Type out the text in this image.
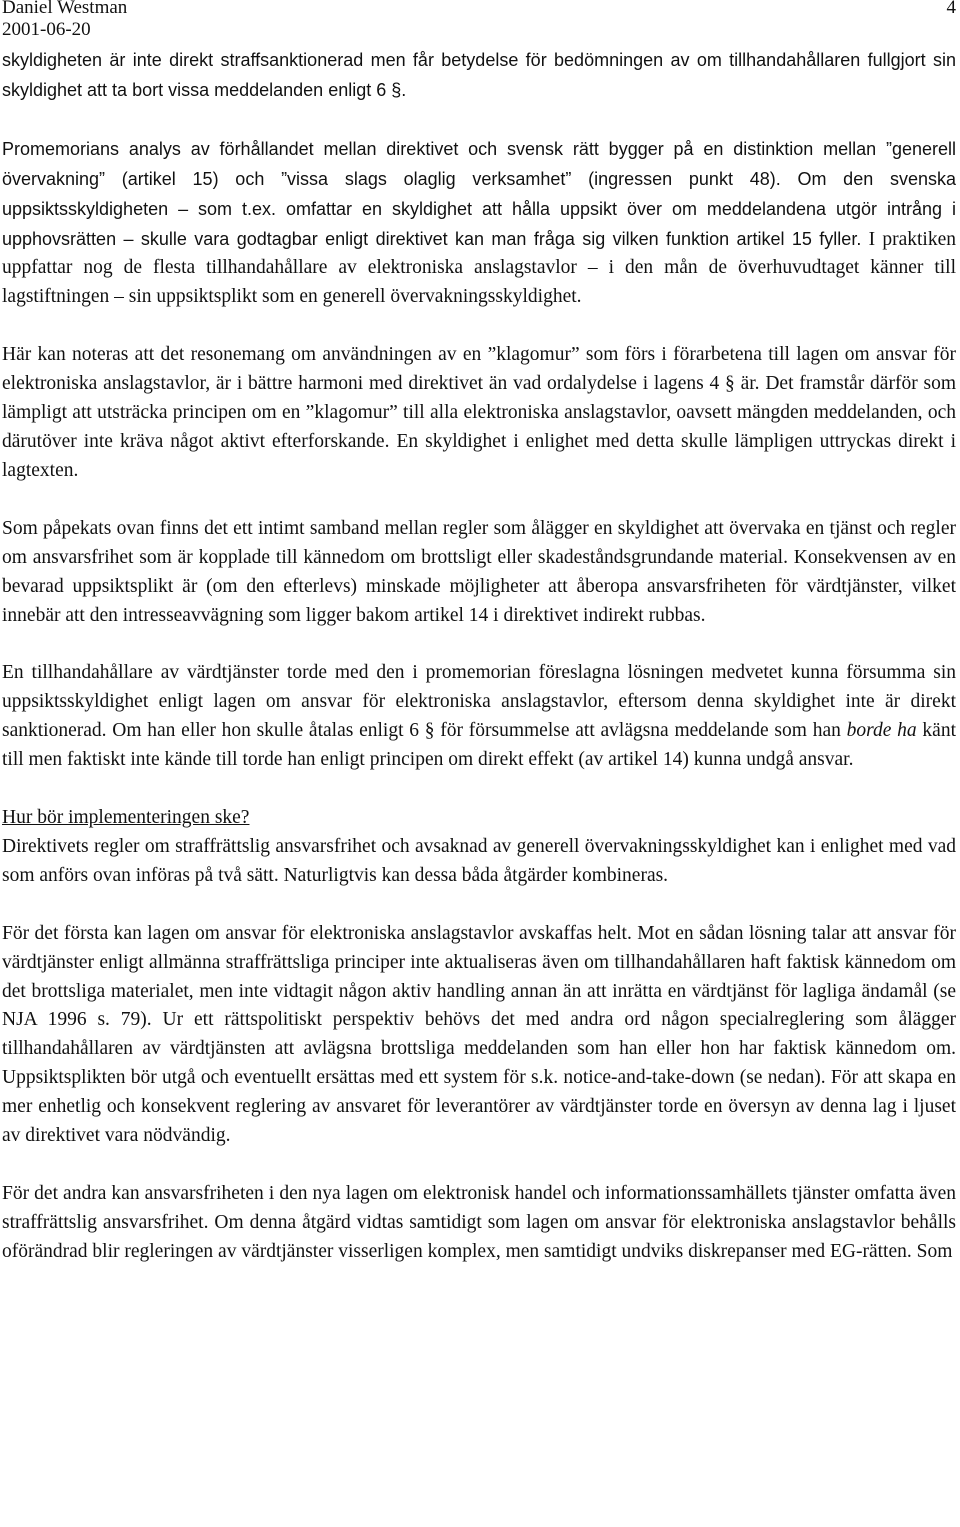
Daniel Westman
2001-06-20
4

skyldigheten är inte direkt straffsanktionerad men får betydelse för bedömningen av om tillhandahållaren fullgjort sin skyldighet att ta bort vissa meddelanden enligt 6 §.

Promemorians analys av förhållandet mellan direktivet och svensk rätt bygger på en distinktion mellan ”generell övervakning” (artikel 15) och ”vissa slags olaglig verksamhet” (ingressen punkt 48). Om den svenska uppsiktsskyldigheten – som t.ex. omfattar en skyldighet att hålla uppsikt över om meddelandena utgör intrång i upphovsrätten – skulle vara godtagbar enligt direktivet kan man fråga sig vilken funktion artikel 15 fyller. I praktiken uppfattar nog de flesta tillhandahållare av elektroniska anslagstavlor – i den mån de överhuvudtaget känner till lagstiftningen – sin uppsiktsplikt som en generell övervakningsskyldighet.

Här kan noteras att det resonemang om användningen av en ”klagomur” som förs i förarbetena till lagen om ansvar för elektroniska anslagstavlor, är i bättre harmoni med direktivet än vad ordalydelse i lagens 4 § är. Det framstår därför som lämpligt att utsträcka principen om en ”klagomur” till alla elektroniska anslagstavlor, oavsett mängden meddelanden, och därutöver inte kräva något aktivt efterforskande. En skyldighet i enlighet med detta skulle lämpligen uttryckas direkt i lagtexten.

Som påpekats ovan finns det ett intimt samband mellan regler som ålägger en skyldighet att övervaka en tjänst och regler om ansvarsfrihet som är kopplade till kännedom om brottsligt eller skadeståndsgrundande material. Konsekvensen av en bevarad uppsiktsplikt är (om den efterlevs) minskade möjligheter att åberopa ansvarsfriheten för värdtjänster, vilket innebär att den intresseavvägning som ligger bakom artikel 14 i direktivet indirekt rubbas.

En tillhandahållare av värdtjänster torde med den i promemorian föreslagna lösningen medvetet kunna försumma sin uppsiktsskyldighet enligt lagen om ansvar för elektroniska anslagstavlor, eftersom denna skyldighet inte är direkt sanktionerad. Om han eller hon skulle åtalas enligt 6 § för försummelse att avlägsna meddelande som han borde ha känt till men faktiskt inte kände till torde han enligt principen om direkt effekt (av artikel 14) kunna undgå ansvar.

Hur bör implementeringen ske?

Direktivets regler om straffrättslig ansvarsfrihet och avsaknad av generell övervakningsskyldighet kan i enlighet med vad som anförs ovan införas på två sätt. Naturligtvis kan dessa båda åtgärder kombineras.

För det första kan lagen om ansvar för elektroniska anslagstavlor avskaffas helt. Mot en sådan lösning talar att ansvar för värdtjänster enligt allmänna straffrättsliga principer inte aktualiseras även om tillhandahållaren haft faktisk kännedom om det brottsliga materialet, men inte vidtagit någon aktiv handling annan än att inrätta en värdtjänst för lagliga ändamål (se NJA 1996 s. 79). Ur ett rättspolitiskt perspektiv behövs det med andra ord någon specialreglering som ålägger tillhandahållaren av värdtjänsten att avlägsna brottsliga meddelanden som han eller hon har faktisk kännedom om. Uppsiktsplikten bör utgå och eventuellt ersättas med ett system för s.k. notice-and-take-down (se nedan). För att skapa en mer enhetlig och konsekvent reglering av ansvaret för leverantörer av värdtjänster torde en översyn av denna lag i ljuset av direktivet vara nödvändig.

För det andra kan ansvarsfriheten i den nya lagen om elektronisk handel och informationssamhällets tjänster omfatta även straffrättslig ansvarsfrihet. Om denna åtgärd vidtas samtidigt som lagen om ansvar för elektroniska anslagstavlor behålls oförändrad blir regleringen av värdtjänster visserligen komplex, men samtidigt undviks diskrepanser med EG-rätten. Som
